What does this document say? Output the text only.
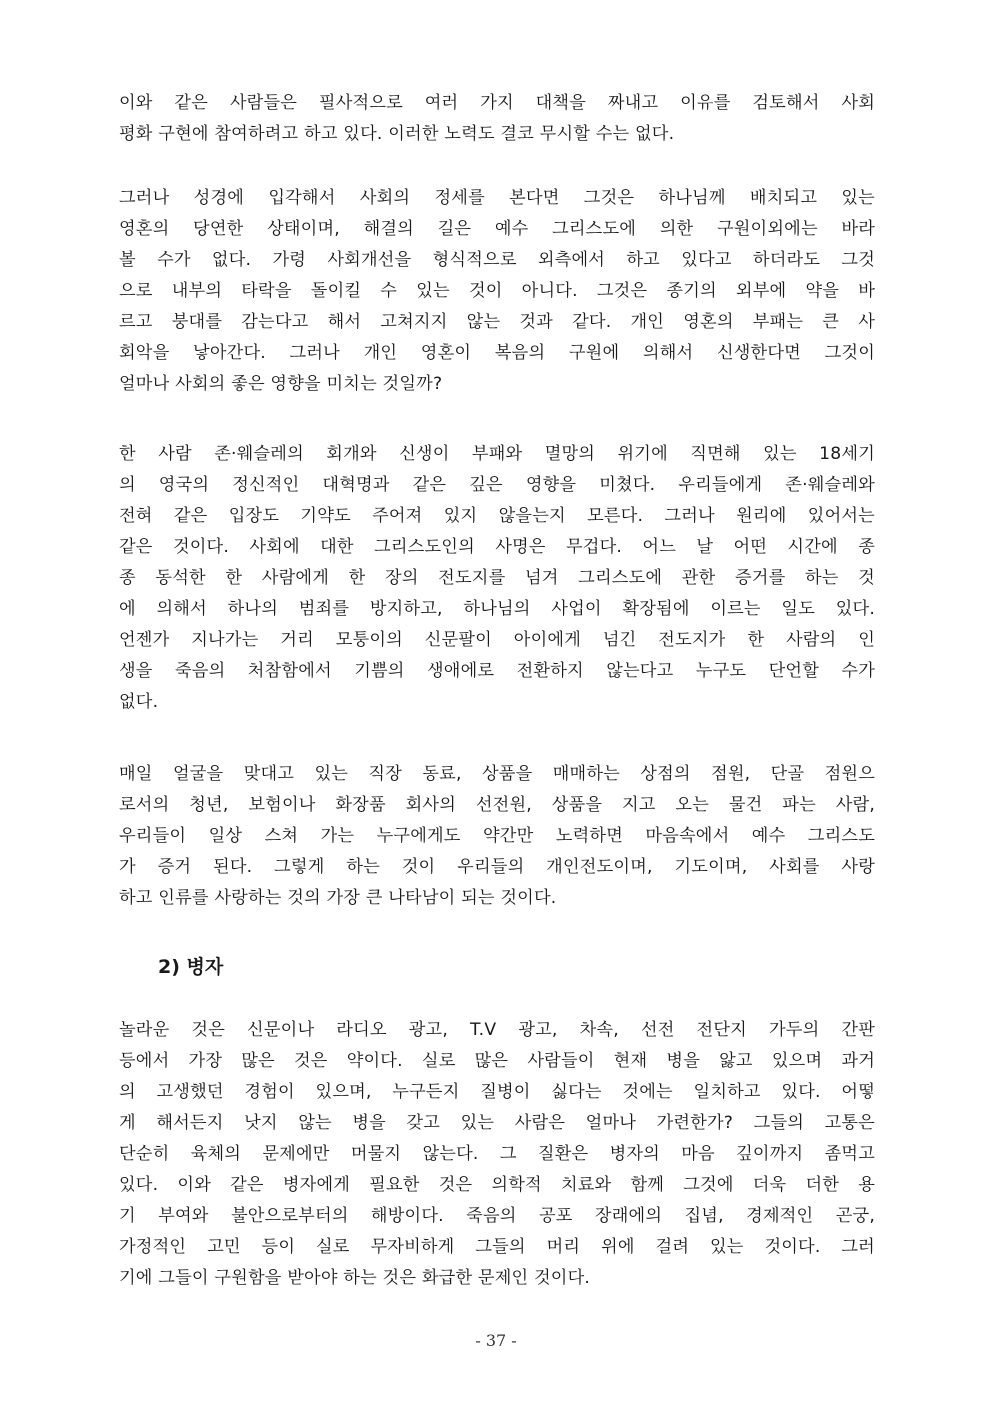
이와 같은 사람들은 필사적으로 여러 가지 대책을 짜내고 이유를 검토해서 사회
평화 구현에 참여하려고 하고 있다. 이러한 노력도 결코 무시할 수는 없다.
그러나 성경에 입각해서 사회의 정세를 본다면 그것은 하나님께 배치되고 있는
영혼의 당연한 상태이며, 해결의 길은 예수 그리스도에 의한 구원이외에는 바라
볼 수가 없다. 가령 사회개선을 형식적으로 외측에서 하고 있다고 하더라도 그것
으로 내부의 타락을 돌이킬 수 있는 것이 아니다. 그것은 종기의 외부에 약을 바
르고 붕대를 감는다고 해서 고쳐지지 않는 것과 같다. 개인 영혼의 부패는 큰 사
회악을 낳아간다. 그러나 개인 영혼이 복음의 구원에 의해서 신생한다면 그것이
얼마나 사회의 좋은 영향을 미치는 것일까?
한 사람 존·웨슬레의 회개와 신생이 부패와 멸망의 위기에 직면해 있는 18세기
의 영국의 정신적인 대혁명과 같은 깊은 영향을 미쳤다. 우리들에게 존·웨슬레와
전혀 같은 입장도 기약도 주어져 있지 않을는지 모른다. 그러나 원리에 있어서는
같은 것이다. 사회에 대한 그리스도인의 사명은 무겁다. 어느 날 어떤 시간에 종
종 동석한 한 사람에게 한 장의 전도지를 넘겨 그리스도에 관한 증거를 하는 것
에 의해서 하나의 범죄를 방지하고, 하나님의 사업이 확장됨에 이르는 일도 있다.
언젠가 지나가는 거리 모퉁이의 신문팔이 아이에게 넘긴 전도지가 한 사람의 인
생을 죽음의 처참함에서 기쁨의 생애에로 전환하지 않는다고 누구도 단언할 수가
없다.
매일 얼굴을 맞대고 있는 직장 동료, 상품을 매매하는 상점의 점원, 단골 점원으
로서의 청년, 보험이나 화장품 회사의 선전원, 상품을 지고 오는 물건 파는 사람,
우리들이 일상 스쳐 가는 누구에게도 약간만 노력하면 마음속에서 예수 그리스도
가 증거 된다. 그렇게 하는 것이 우리들의 개인전도이며, 기도이며, 사회를 사랑
하고 인류를 사랑하는 것의 가장 큰 나타남이 되는 것이다.
2) 병자
놀라운 것은 신문이나 라디오 광고, T.V 광고, 차속, 선전 전단지 가두의 간판
등에서 가장 많은 것은 약이다. 실로 많은 사람들이 현재 병을 앓고 있으며 과거
의 고생했던 경험이 있으며, 누구든지 질병이 싫다는 것에는 일치하고 있다. 어떻
게 해서든지 낫지 않는 병을 갖고 있는 사람은 얼마나 가련한가? 그들의 고통은
단순히 육체의 문제에만 머물지 않는다. 그 질환은 병자의 마음 깊이까지 좀먹고
있다. 이와 같은 병자에게 필요한 것은 의학적 치료와 함께 그것에 더욱 더한 용
기 부여와 불안으로부터의 해방이다. 죽음의 공포 장래에의 집념, 경제적인 곤궁,
가정적인 고민 등이 실로 무자비하게 그들의 머리 위에 걸려 있는 것이다. 그러
기에 그들이 구원함을 받아야 하는 것은 화급한 문제인 것이다.
- 37 -
